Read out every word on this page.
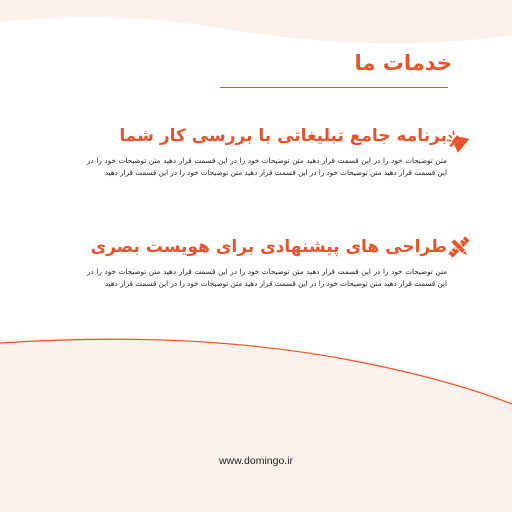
خدمات ما
برنامه جامع تبلیغاتی با بررسی کار شما

متن توضیحات خود را در این قسمت قرار دهید متن توضیحات خود را در این قسمت قرار دهید متن توضیحات خود را در این قسمت قرار دهید متن توضیحات خود را در این قسمت قرار دهید متن توضیحات خود را در این قسمت قرار دهید

طراحی های پیشنهادی برای هویست بصری

متن توضیحات خود را در این قسمت قرار دهید متن توضیحات خود را در این قسمت قرار دهید متن توضیحات خود را در این قسمت قرار دهید متن توضیحات خود را در این قسمت قرار دهید متن توضیحات خود را در این قسمت قرار دهید

www.domingo.ir
